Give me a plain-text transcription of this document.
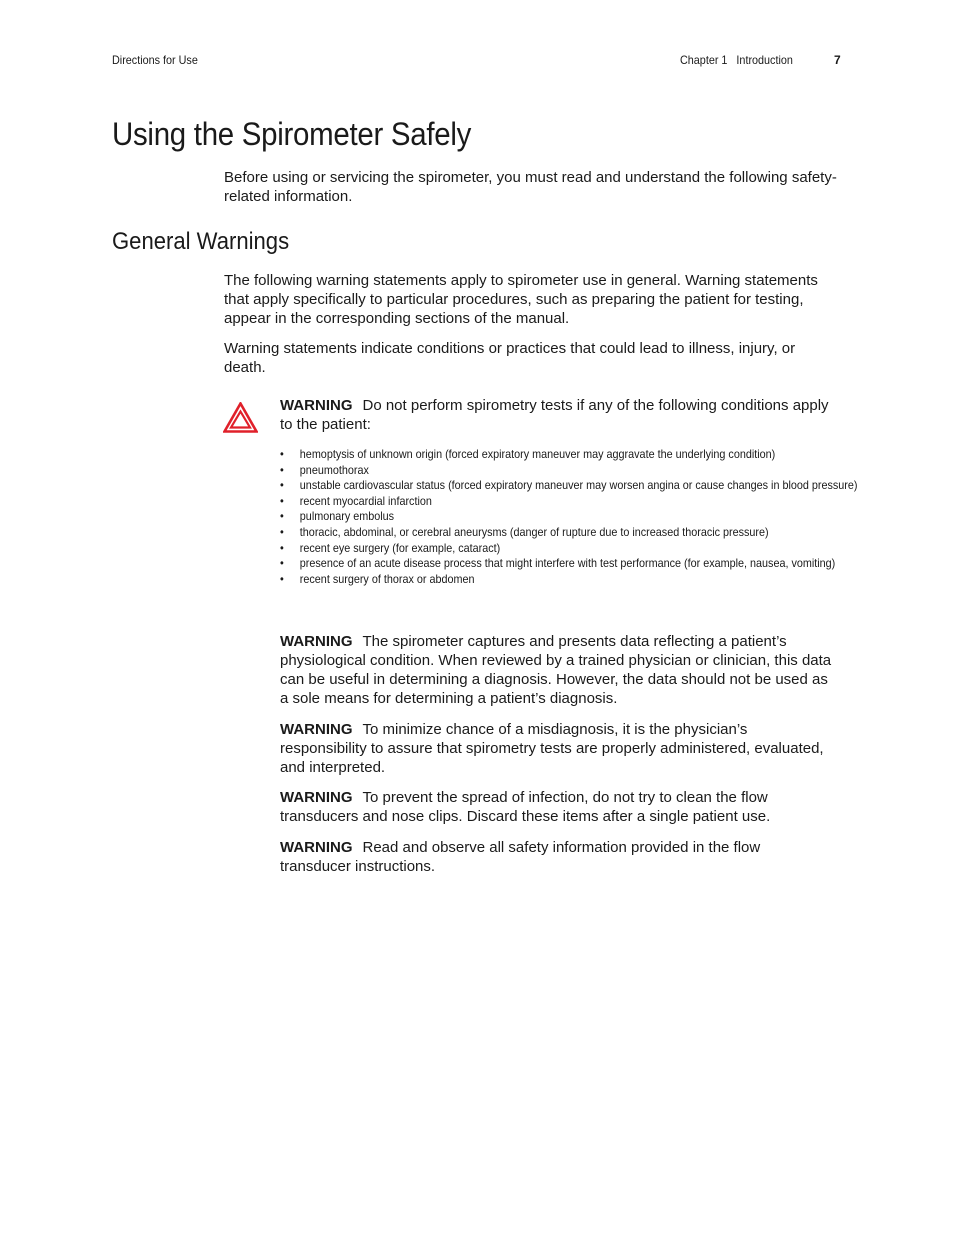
Directions for Use	Chapter 1 Introduction	7
Using the Spirometer Safely

Before using or servicing the spirometer, you must read and understand the following safety-related information.

General Warnings

The following warning statements apply to spirometer use in general. Warning statements that apply specifically to particular procedures, such as preparing the patient for testing, appear in the corresponding sections of the manual.

Warning statements indicate conditions or practices that could lead to illness, injury, or death.

WARNING Do not perform spirometry tests if any of the following conditions apply to the patient:

• hemoptysis of unknown origin (forced expiratory maneuver may aggravate the underlying condition)
• pneumothorax
• unstable cardiovascular status (forced expiratory maneuver may worsen angina or cause changes in blood pressure)
• recent myocardial infarction
• pulmonary embolus
• thoracic, abdominal, or cerebral aneurysms (danger of rupture due to increased thoracic pressure)
• recent eye surgery (for example, cataract)
• presence of an acute disease process that might interfere with test performance (for example, nausea, vomiting)
• recent surgery of thorax or abdomen

WARNING The spirometer captures and presents data reflecting a patient’s physiological condition. When reviewed by a trained physician or clinician, this data can be useful in determining a diagnosis. However, the data should not be used as a sole means for determining a patient’s diagnosis.

WARNING To minimize chance of a misdiagnosis, it is the physician’s responsibility to assure that spirometry tests are properly administered, evaluated, and interpreted.

WARNING To prevent the spread of infection, do not try to clean the flow transducers and nose clips. Discard these items after a single patient use.

WARNING Read and observe all safety information provided in the flow transducer instructions.
